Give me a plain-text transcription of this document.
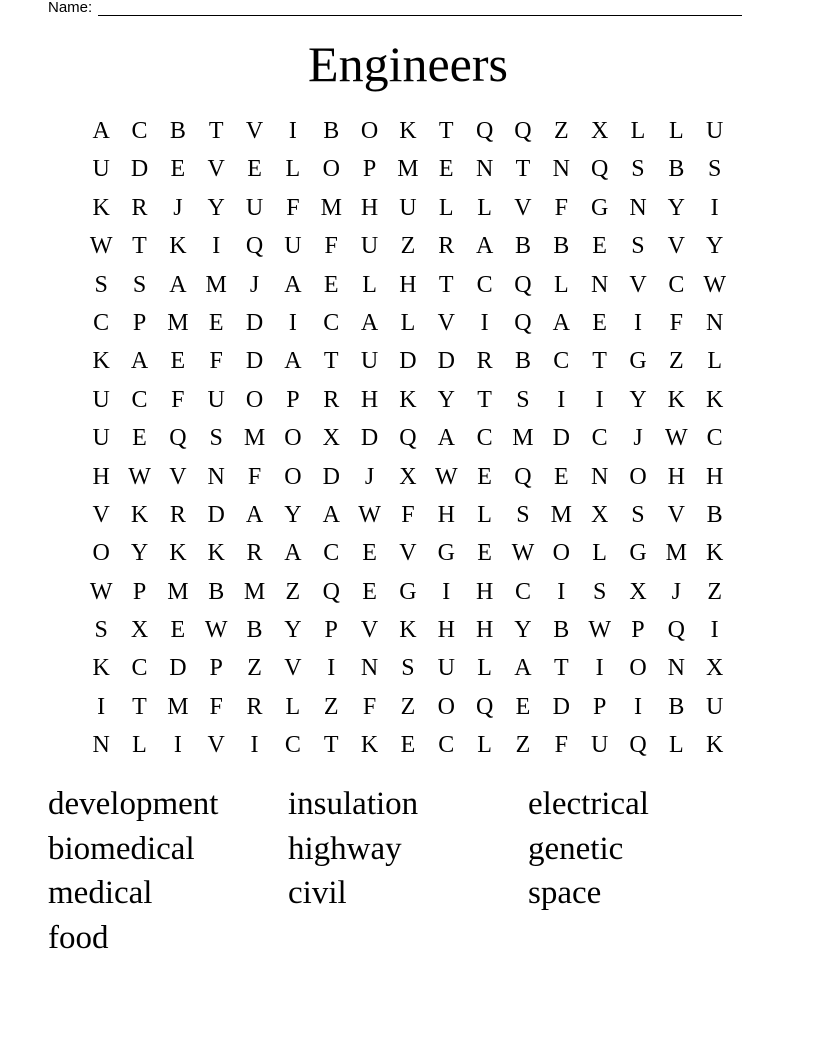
Name:
Engineers
A C B T V	I	B O K T Q Q Z X L L U
U D E V E L O P M E N T N Q S B S
K R	J	Y U F M H U L L V F G N Y	I
W T K	I	Q U F U Z R A B B E	S V Y
S	S A M J	A E L H T C Q L N V C W
C P M E D	I	C A L V	I	Q A E	I	F N
K A E	F D A T U D D R B C T G Z L
U C F U O P R H K Y T	S	I	I	Y K K
U E Q S M O X D Q A C M D C	J W C
H W V N F O D	J	X W E Q E N O H H
V K R D A Y A W F H L	S M X S V B
O Y K K R A C E V G E W O L G M K
W P M B M Z Q E G	I	H C	I	S X	J	Z
S X E W B Y P V K H H Y B W P Q	I
K C D P	Z V	I	N S U L A T	I	O N X
I	T M F R L Z	F	Z O Q E D P	I	B U
N L	I	V	I	C T K E C L Z	F U Q L K
development	insulation	electrical
biomedical	highway	genetic
medical	civil	space
food
